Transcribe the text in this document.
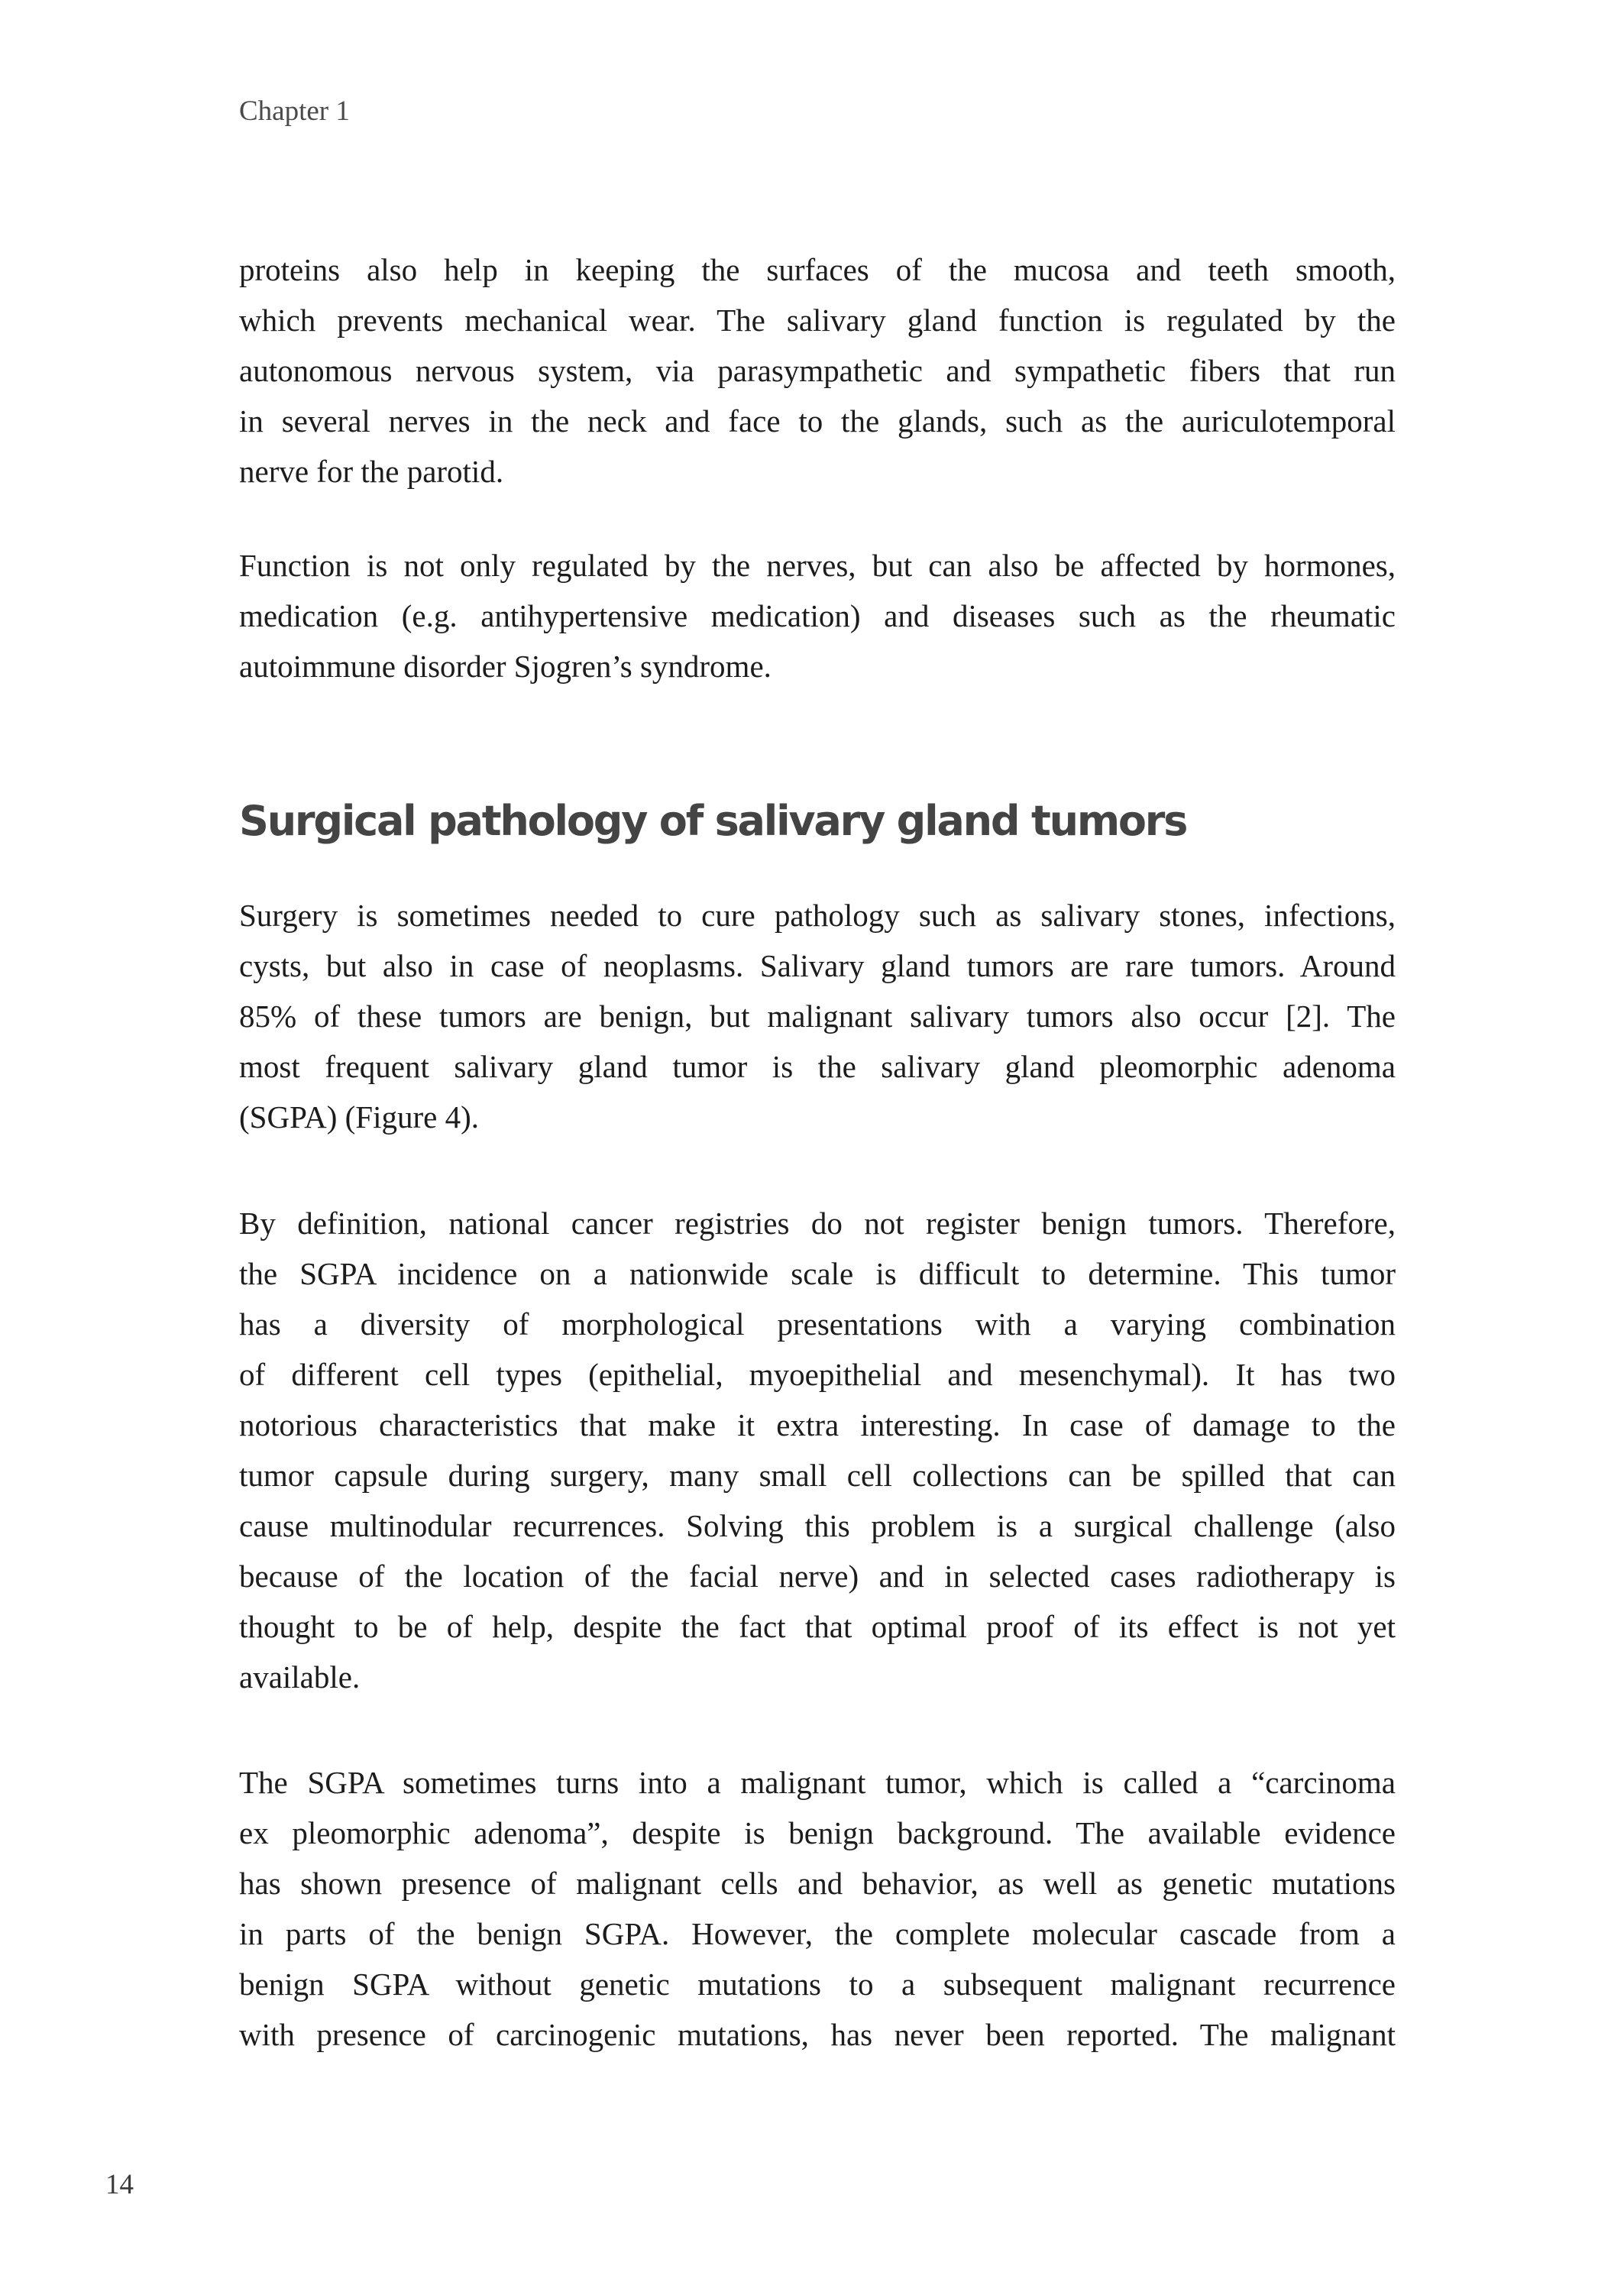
Chapter 1
proteins also help in keeping the surfaces of the mucosa and teeth smooth,
which prevents mechanical wear. The salivary gland function is regulated by the
autonomous nervous system, via parasympathetic and sympathetic fibers that run
in several nerves in the neck and face to the glands, such as the auriculotemporal
nerve for the parotid.
Function is not only regulated by the nerves, but can also be affected by hormones,
medication (e.g. antihypertensive medication) and diseases such as the rheumatic
autoimmune disorder Sjogren’s syndrome.
Surgical pathology of salivary gland tumors
Surgery is sometimes needed to cure pathology such as salivary stones, infections,
cysts, but also in case of neoplasms. Salivary gland tumors are rare tumors. Around
85% of these tumors are benign, but malignant salivary tumors also occur [2]. The
most frequent salivary gland tumor is the salivary gland pleomorphic adenoma
(SGPA) (Figure 4).
By definition, national cancer registries do not register benign tumors. Therefore,
the SGPA incidence on a nationwide scale is difficult to determine. This tumor
has a diversity of morphological presentations with a varying combination
of different cell types (epithelial, myoepithelial and mesenchymal). It has two
notorious characteristics that make it extra interesting. In case of damage to the
tumor capsule during surgery, many small cell collections can be spilled that can
cause multinodular recurrences. Solving this problem is a surgical challenge (also
because of the location of the facial nerve) and in selected cases radiotherapy is
thought to be of help, despite the fact that optimal proof of its effect is not yet
available.
The SGPA sometimes turns into a malignant tumor, which is called a “carcinoma
ex pleomorphic adenoma”, despite is benign background. The available evidence
has shown presence of malignant cells and behavior, as well as genetic mutations
in parts of the benign SGPA. However, the complete molecular cascade from a
benign SGPA without genetic mutations to a subsequent malignant recurrence
with presence of carcinogenic mutations, has never been reported. The malignant
14
